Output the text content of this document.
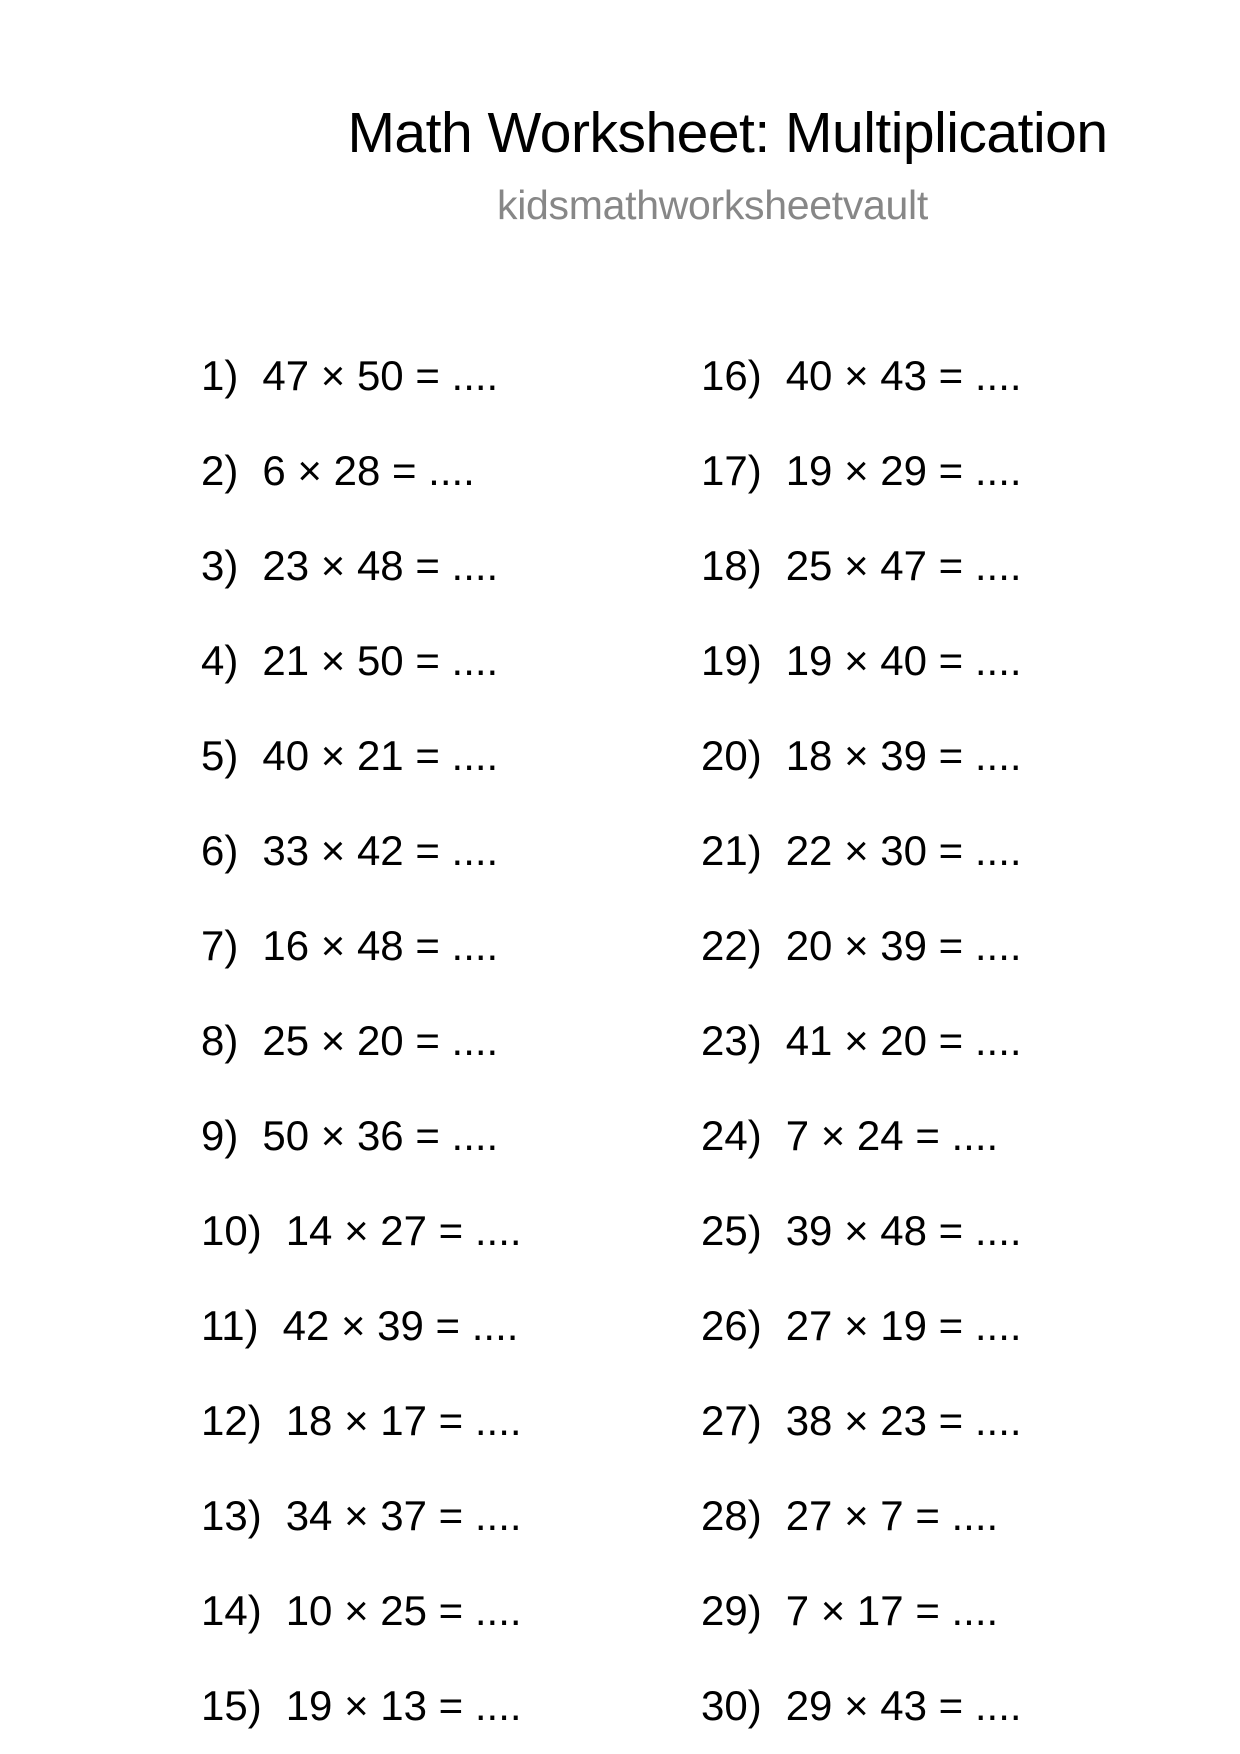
Math Worksheet: Multiplication
kidsmathworksheetvault
1) 47 × 50 = ....
2) 6 × 28 = ....
3) 23 × 48 = ....
4) 21 × 50 = ....
5) 40 × 21 = ....
6) 33 × 42 = ....
7) 16 × 48 = ....
8) 25 × 20 = ....
9) 50 × 36 = ....
10) 14 × 27 = ....
11) 42 × 39 = ....
12) 18 × 17 = ....
13) 34 × 37 = ....
14) 10 × 25 = ....
15) 19 × 13 = ....
16) 40 × 43 = ....
17) 19 × 29 = ....
18) 25 × 47 = ....
19) 19 × 40 = ....
20) 18 × 39 = ....
21) 22 × 30 = ....
22) 20 × 39 = ....
23) 41 × 20 = ....
24) 7 × 24 = ....
25) 39 × 48 = ....
26) 27 × 19 = ....
27) 38 × 23 = ....
28) 27 × 7 = ....
29) 7 × 17 = ....
30) 29 × 43 = ....
